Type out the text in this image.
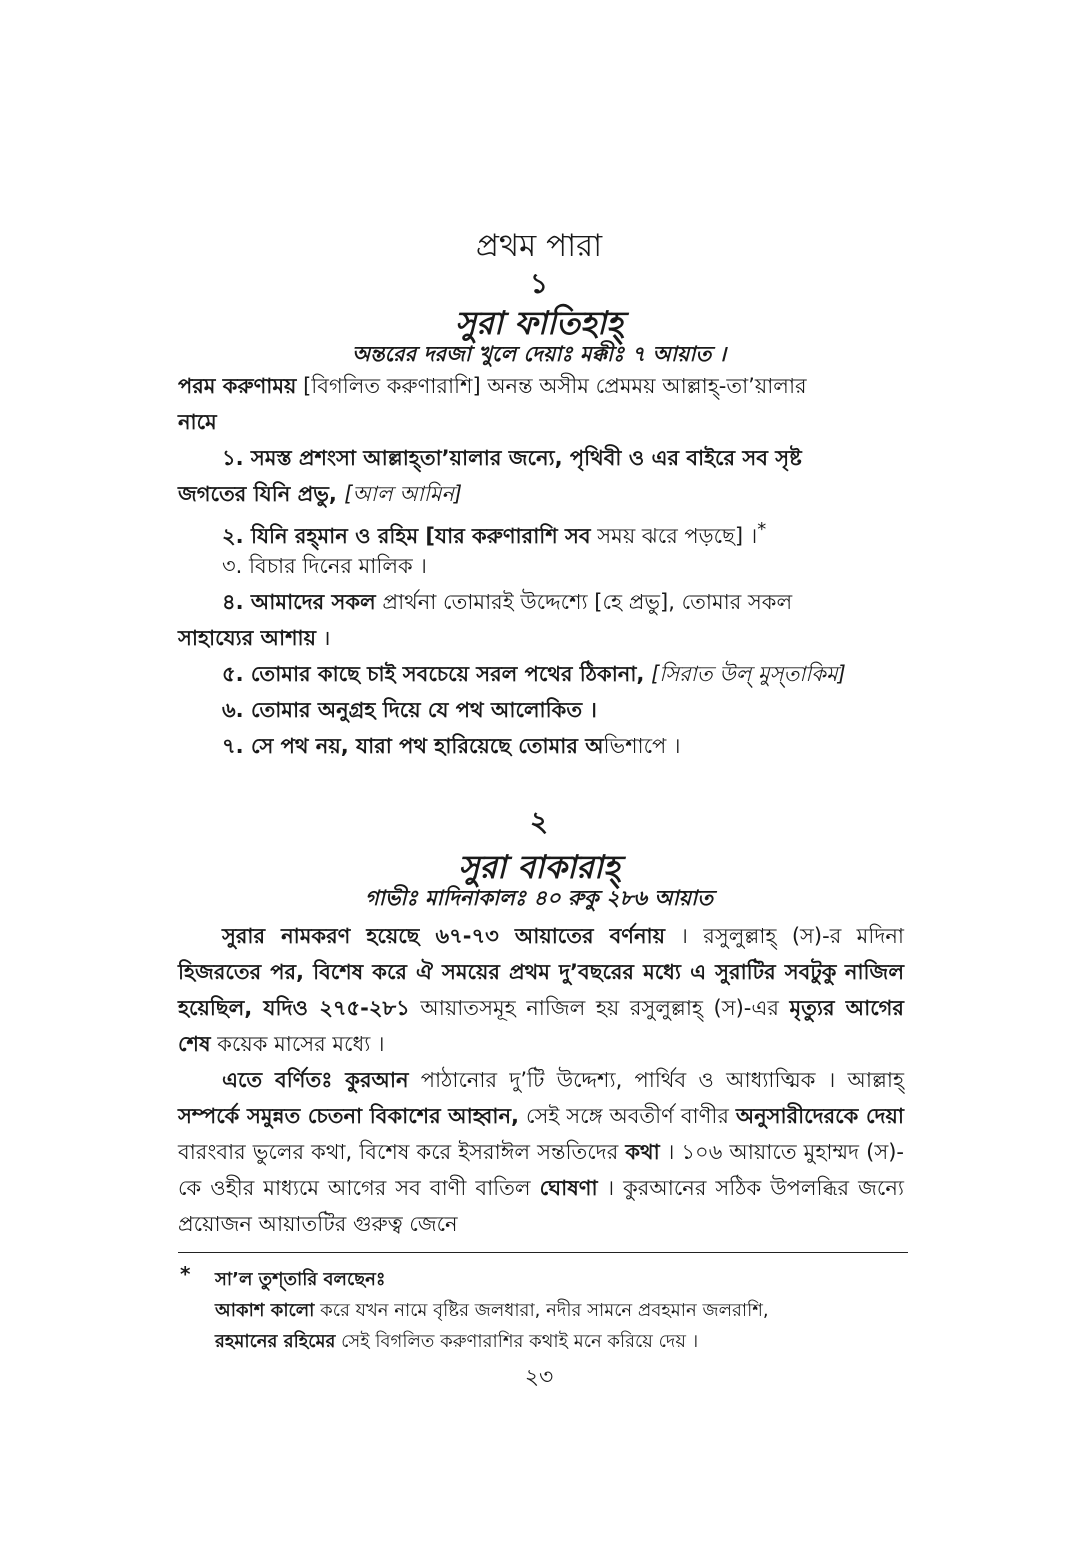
প্রথম পারা
১
সুরা ফাতিহাহ্
অন্তরের দরজা খুলে দেয়াঃ মক্কীঃ ৭ আয়াত ।
পরম করুণাময় [বিগলিত করুণারাশি] অনন্ত অসীম প্রেমময় আল্লাহ্-তা’য়ালার
নামে
১. সমস্ত প্রশংসা আল্লাহ্‌তা’য়ালার জন্যে, পৃথিবী ও এর বাইরে সব সৃষ্ট
জগতের যিনি প্রভু, [আল আমিন]
২. যিনি রহ্‌মান ও রহিম [যার করুণারাশি সব সময় ঝরে পড়ছে] ।*
৩. বিচার দিনের মালিক ।
৪. আমাদের সকল প্রার্থনা তোমারই উদ্দেশ্যে [হে প্রভু], তোমার সকল
সাহায্যের আশায় ।
৫. তোমার কাছে চাই সবচেয়ে সরল পথের ঠিকানা, [সিরাত উল্ মুস্‌তাকিম]
৬. তোমার অনুগ্রহ দিয়ে যে পথ আলোকিত ।
৭. সে পথ নয়, যারা পথ হারিয়েছে তোমার অভিশাপে ।
২
সুরা বাকারাহ্
গাভীঃ মাদিনাকালঃ ৪০ রুকু ২৮৬ আয়াত
সুরার নামকরণ হয়েছে ৬৭-৭৩ আয়াতের বর্ণনায় । রসুলুল্লাহ্ (স)-র মদিনা হিজরতের পর, বিশেষ করে ঐ সময়ের প্রথম দু’বছরের মধ্যে এ সুরাটির সবটুকু নাজিল হয়েছিল, যদিও ২৭৫-২৮১ আয়াতসমূহ নাজিল হয় রসুলুল্লাহ্ (স)-এর মৃত্যুর আগের শেষ কয়েক মাসের মধ্যে ।
এতে বর্ণিতঃ কুরআন পাঠানোর দু’টি উদ্দেশ্য, পার্থিব ও আধ্যাত্মিক । আল্লাহ্ সম্পর্কে সমুন্নত চেতনা বিকাশের আহ্বান, সেই সঙ্গে অবতীর্ণ বাণীর অনুসারীদেরকে দেয়া বারংবার ভুলের কথা, বিশেষ করে ইসরাঈল সন্ততিদের কথা । ১০৬ আয়াতে মুহাম্মদ (স)-কে ওহীর মাধ্যমে আগের সব বাণী বাতিল ঘোষণা । কুরআনের সঠিক উপলব্ধির জন্যে প্রয়োজন আয়াতটির গুরুত্ব জেনে
* সা’ল তুশ্‌তারি বলছেনঃ
আকাশ কালো করে যখন নামে বৃষ্টির জলধারা, নদীর সামনে প্রবহমান জলরাশি,
রহমানের রহিমের সেই বিগলিত করুণারাশির কথাই মনে করিয়ে দেয় ।
২৩
